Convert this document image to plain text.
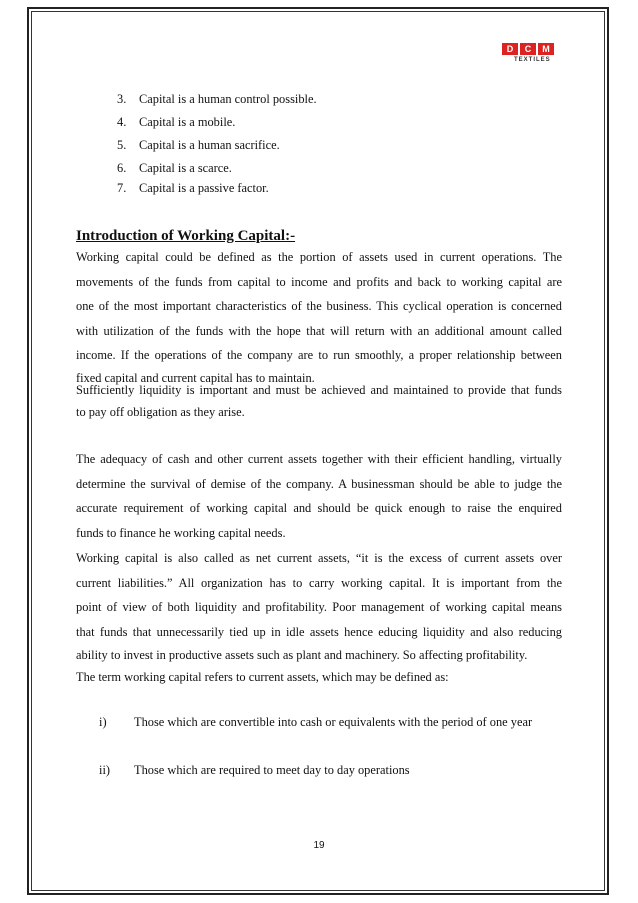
D	C	M
TEXTILES
3. Capital is a human control possible.
4. Capital is a mobile.
5. Capital is a human sacrifice.
6. Capital is a scarce.
7. Capital is a passive factor.
Introduction of Working Capital:-
Working capital could be defined as the portion of assets used in current operations. The
movements of the funds from capital to income and profits and back to working capital are
one of the most important characteristics of the business. This cyclical operation is concerned
with utilization of the funds with the hope that will return with an additional amount called
income. If the operations of the company are to run smoothly, a proper relationship between
fixed capital and current capital has to maintain.
Sufficiently liquidity is important and must be achieved and maintained to provide that funds
to pay off obligation as they arise.
The adequacy of cash and other current assets together with their efficient handling, virtually
determine the survival of demise of the company. A businessman should be able to judge the
accurate requirement of working capital and should be quick enough to raise the enquired
funds to finance he working capital needs.
Working capital is also called as net current assets, “it is the excess of current assets over
current liabilities.” All organization has to carry working capital. It is important from the
point of view of both liquidity and profitability. Poor management of working capital means
that funds that unnecessarily tied up in idle assets hence educing liquidity and also reducing
ability to invest in productive assets such as plant and machinery. So affecting profitability.
The term working capital refers to current assets, which may be defined as:
i) Those which are convertible into cash or equivalents with the period of one year
ii) Those which are required to meet day to day operations
19
